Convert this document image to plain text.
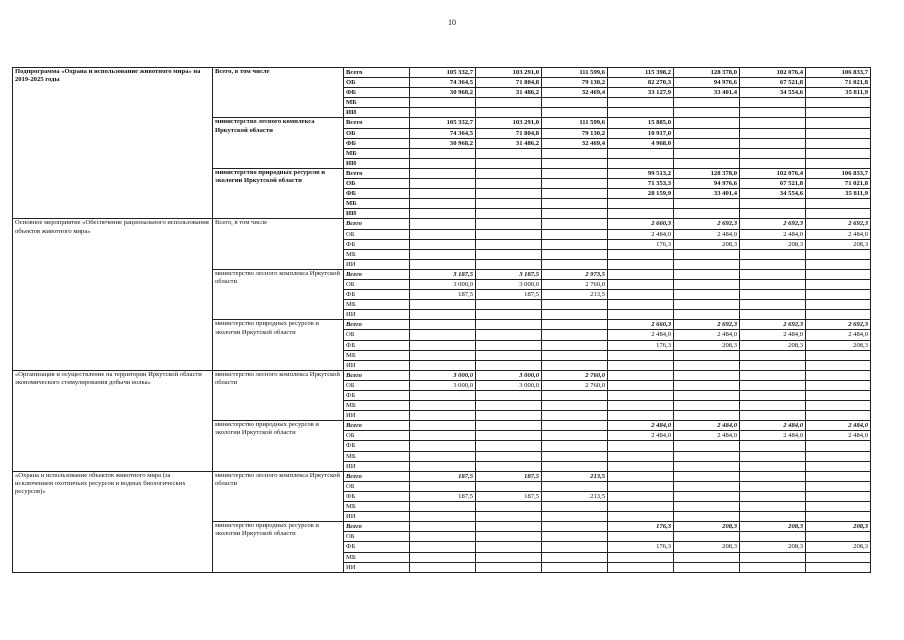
10
Подпрограмма «Охрана и использование животного мира» на 2019-2025 годы	Всего, в том числе	Всего	105 332,7	103 291,0	111 599,6	115 398,2	128 378,0	102 076,4	106 833,7
		ОБ	74 364,5	71 804,8	79 130,2	82 270,3	94 976,6	67 521,8	71 021,8
		ФБ	30 968,2	31 486,2	32 469,4	33 127,9	33 401,4	34 554,6	35 811,9
		МБ							
		ИИ							
	министерство лесного комплекса Иркутской области	Всего	105 332,7	103 291,0	111 599,6	15 885,0			
		ОБ	74 364,5	71 804,8	79 130,2	10 917,0			
		ФБ	30 968,2	31 486,2	32 469,4	4 968,0			
		МБ							
		ИИ							
	министерство природных ресурсов и экологии Иркутской области	Всего				99 513,2	128 378,0	102 076,4	106 833,7
		ОБ				71 353,3	94 976,6	67 521,8	71 021,8
		ФБ				28 159,9	33 401,4	34 554,6	35 811,9
		МБ							
		ИИ							
Основное мероприятие «Обеспечение рационального использования объектов животного мира»	Всего, в том числе	Всего				2 660,3	2 692,3	2 692,3	2 692,3
		ОБ				2 484,0	2 484,0	2 484,0	2 484,0
		ФБ				176,3	208,3	208,3	208,3
		МБ							
		ИИ							
	министерство лесного комплекса Иркутской области	Всего	3 187,5	3 187,5	2 973,5				
		ОБ	3 000,0	3 000,0	2 760,0				
		ФБ	187,5	187,5	213,5				
		МБ							
		ИИ							
	министерство природных ресурсов и экологии Иркутской области	Всего				2 660,3	2 692,3	2 692,3	2 692,3
		ОБ				2 484,0	2 484,0	2 484,0	2 484,0
		ФБ				176,3	208,3	208,3	208,3
		МБ							
		ИИ							
«Организация и осуществление на территории Иркутской области экономического стимулирования добычи волка»	министерство лесного комплекса Иркутской области	Всего	3 000,0	3 000,0	2 760,0				
		ОБ	3 000,0	3 000,0	2 760,0				
		ФБ							
		МБ							
		ИИ							
	министерство природных ресурсов и экологии Иркутской области	Всего				2 484,0	2 484,0	2 484,0	2 484,0
		ОБ				2 484,0	2 484,0	2 484,0	2 484,0
		ФБ							
		МБ							
		ИИ							
«Охрана и использование объектов животного мира (за исключением охотничьих ресурсов и водных биологических ресурсов)»	министерство лесного комплекса Иркутской области	Всего	187,5	187,5	213,5				
		ОБ							
		ФБ	187,5	187,5	213,5				
		МБ							
		ИИ							
	министерство природных ресурсов и экологии Иркутской области	Всего				176,3	208,3	208,3	208,3
		ОБ							
		ФБ				176,3	208,3	208,3	208,3
		МБ							
		ИИ							
